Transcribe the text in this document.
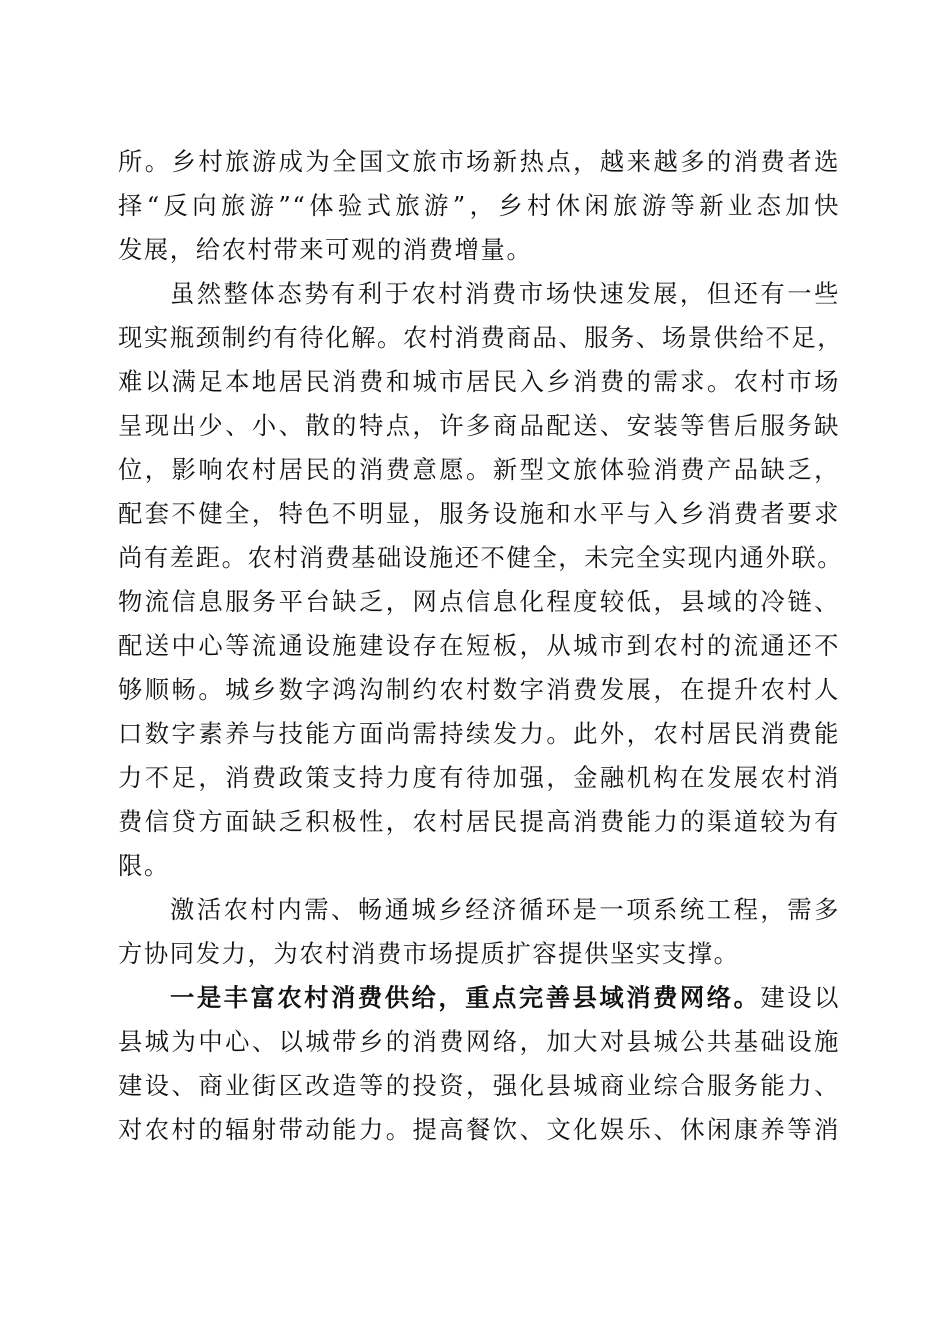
所。乡村旅游成为全国文旅市场新热点，越来越多的消费者选
择“反向旅游”“体验式旅游”，乡村休闲旅游等新业态加快
发展，给农村带来可观的消费增量。
虽然整体态势有利于农村消费市场快速发展，但还有一些
现实瓶颈制约有待化解。农村消费商品、服务、场景供给不足，
难以满足本地居民消费和城市居民入乡消费的需求。农村市场
呈现出少、小、散的特点，许多商品配送、安装等售后服务缺
位，影响农村居民的消费意愿。新型文旅体验消费产品缺乏，
配套不健全，特色不明显，服务设施和水平与入乡消费者要求
尚有差距。农村消费基础设施还不健全，未完全实现内通外联。
物流信息服务平台缺乏，网点信息化程度较低，县域的冷链、
配送中心等流通设施建设存在短板，从城市到农村的流通还不
够顺畅。城乡数字鸿沟制约农村数字消费发展，在提升农村人
口数字素养与技能方面尚需持续发力。此外，农村居民消费能
力不足，消费政策支持力度有待加强，金融机构在发展农村消
费信贷方面缺乏积极性，农村居民提高消费能力的渠道较为有
限。
激活农村内需、畅通城乡经济循环是一项系统工程，需多
方协同发力，为农村消费市场提质扩容提供坚实支撑。
一是丰富农村消费供给，重点完善县域消费网络。建设以
县城为中心、以城带乡的消费网络，加大对县城公共基础设施
建设、商业街区改造等的投资，强化县城商业综合服务能力、
对农村的辐射带动能力。提高餐饮、文化娱乐、休闲康养等消
